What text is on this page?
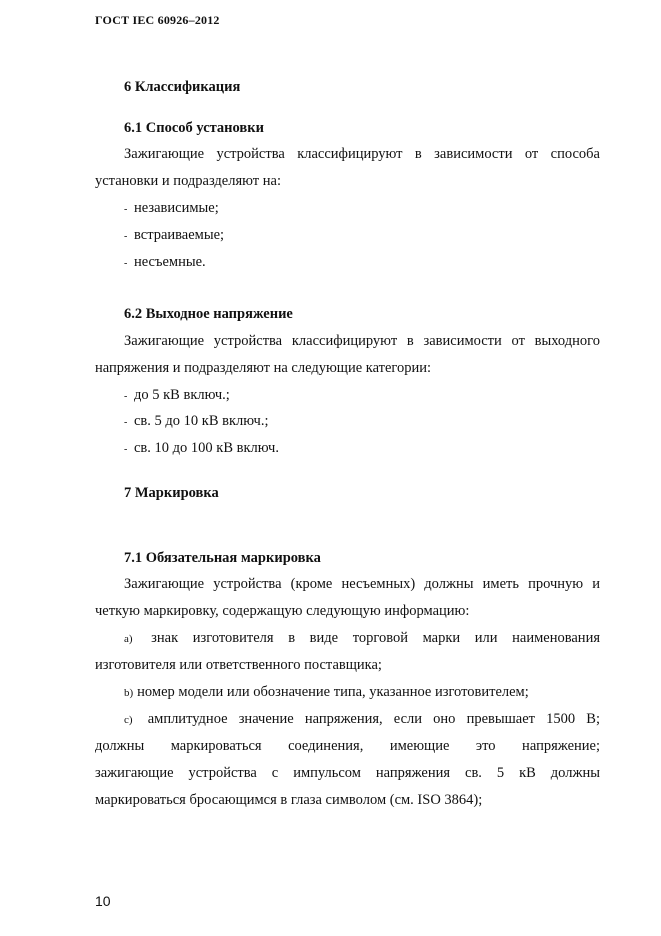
ГОСТ IEC 60926–2012
6 Классификация
6.1 Способ установки
Зажигающие устройства классифицируют в зависимости от способа
установки и подразделяют на:
- независимые;
- встраиваемые;
- несъемные.
6.2 Выходное напряжение
Зажигающие устройства классифицируют в зависимости от выходного
напряжения и подразделяют на следующие категории:
- до 5 кВ включ.;
- св. 5 до 10 кВ включ.;
- св. 10 до 100 кВ включ.
7 Маркировка
7.1 Обязательная маркировка
Зажигающие устройства (кроме несъемных) должны иметь прочную и
четкую маркировку, содержащую следующую информацию:
a) знак изготовителя в виде торговой марки или наименования
изготовителя или ответственного поставщика;
b) номер модели или обозначение типа, указанное изготовителем;
c) амплитудное значение напряжения, если оно превышает 1500 В;
должны маркироваться соединения, имеющие это напряжение;
зажигающие устройства с импульсом напряжения св. 5 кВ должны
маркироваться бросающимся в глаза символом (см. ISO 3864);
10
